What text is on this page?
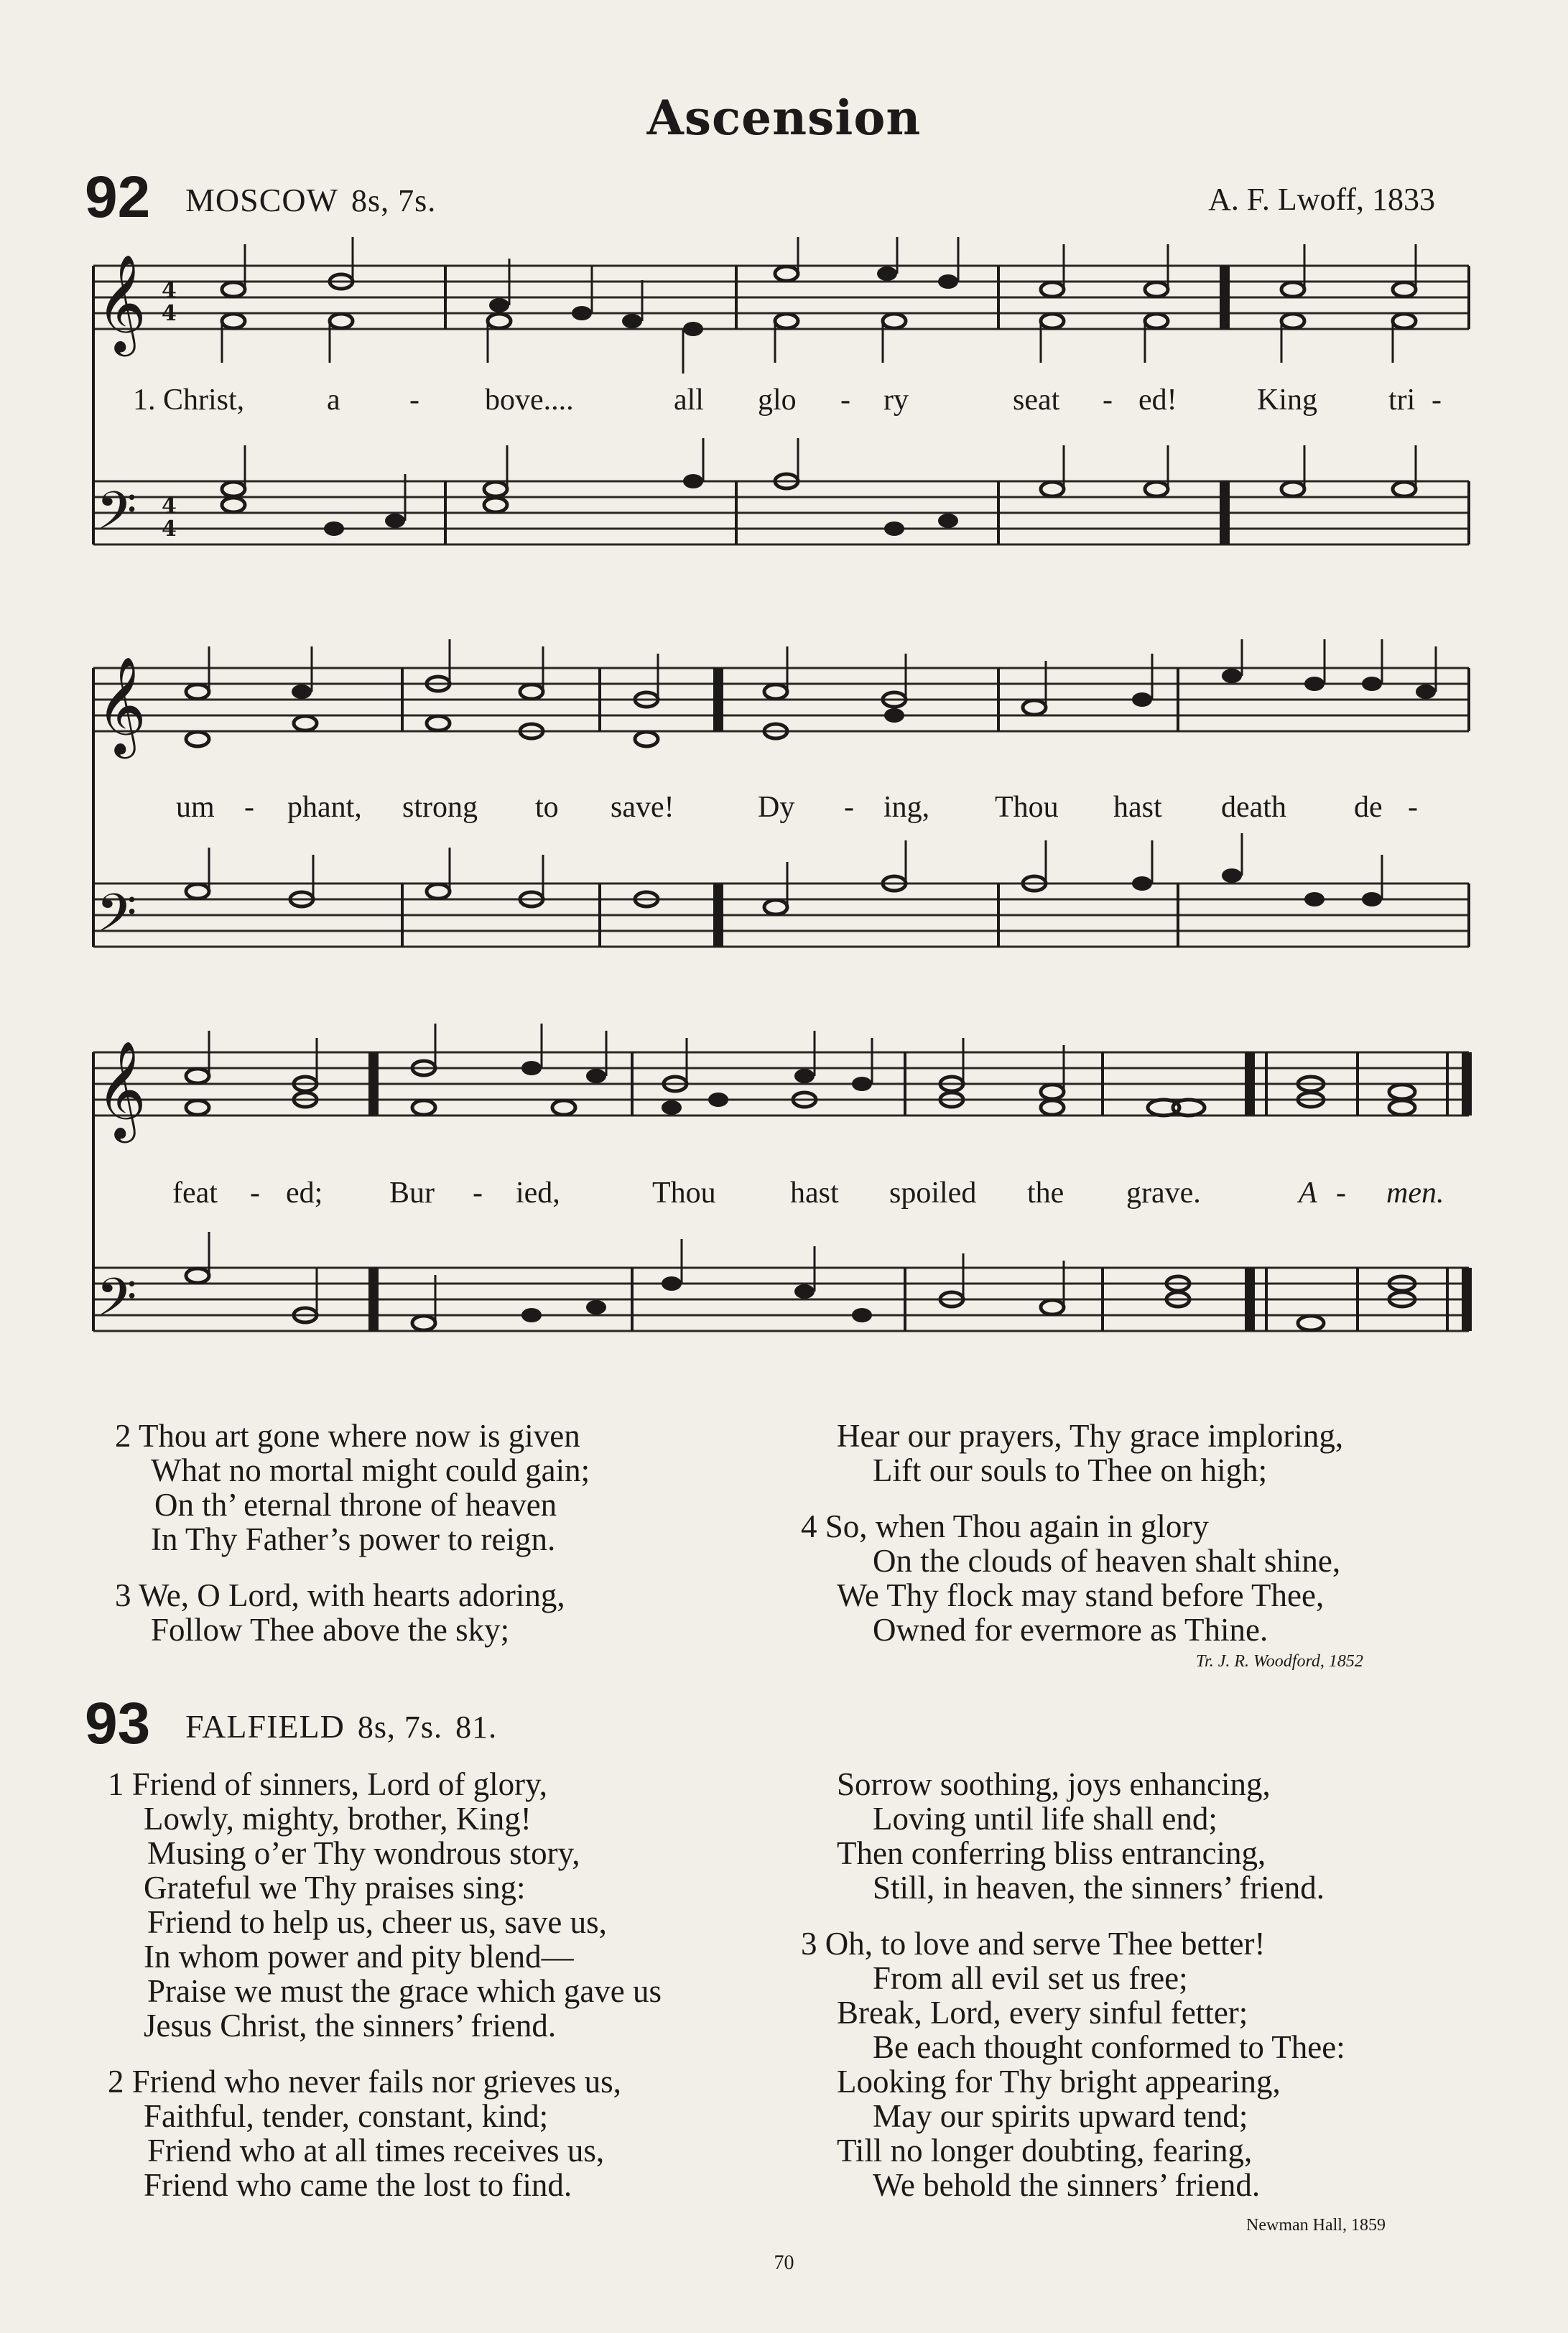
Ascension
92 MOSCOW 8s, 7s.	A. F. Lwoff, 1833
𝄞
𝄢
4
4
4
4
1. Christ,	a - bove....	all glo - ry	seat - ed!	King tri -
𝄞
𝄢
um - phant, strong to save!	Dy - ing, Thou hast death de -
𝄞
𝄢
feat - ed; Bur - ied,	Thou hast spoiled the grave.	A - men.
2 Thou art gone where now is given
What no mortal might could gain;
On th’ eternal throne of heaven
In Thy Father’s power to reign.
3 We, O Lord, with hearts adoring,
Follow Thee above the sky;
Hear our prayers, Thy grace imploring,
Lift our souls to Thee on high;
4 So, when Thou again in glory
On the clouds of heaven shalt shine,
We Thy flock may stand before Thee,
Owned for evermore as Thine.
Tr. J. R. Woodford, 1852
93 FALFIELD 8s, 7s. 81.
1 Friend of sinners, Lord of glory,
Lowly, mighty, brother, King!
Musing o’er Thy wondrous story,
Grateful we Thy praises sing:
Friend to help us, cheer us, save us,
In whom power and pity blend—
Praise we must the grace which gave us
Jesus Christ, the sinners’ friend.
2 Friend who never fails nor grieves us,
Faithful, tender, constant, kind;
Friend who at all times receives us,
Friend who came the lost to find.
Sorrow soothing, joys enhancing,
Loving until life shall end;
Then conferring bliss entrancing,
Still, in heaven, the sinners’ friend.
3 Oh, to love and serve Thee better!
From all evil set us free;
Break, Lord, every sinful fetter;
Be each thought conformed to Thee:
Looking for Thy bright appearing,
May our spirits upward tend;
Till no longer doubting, fearing,
We behold the sinners’ friend.
Newman Hall, 1859
70
